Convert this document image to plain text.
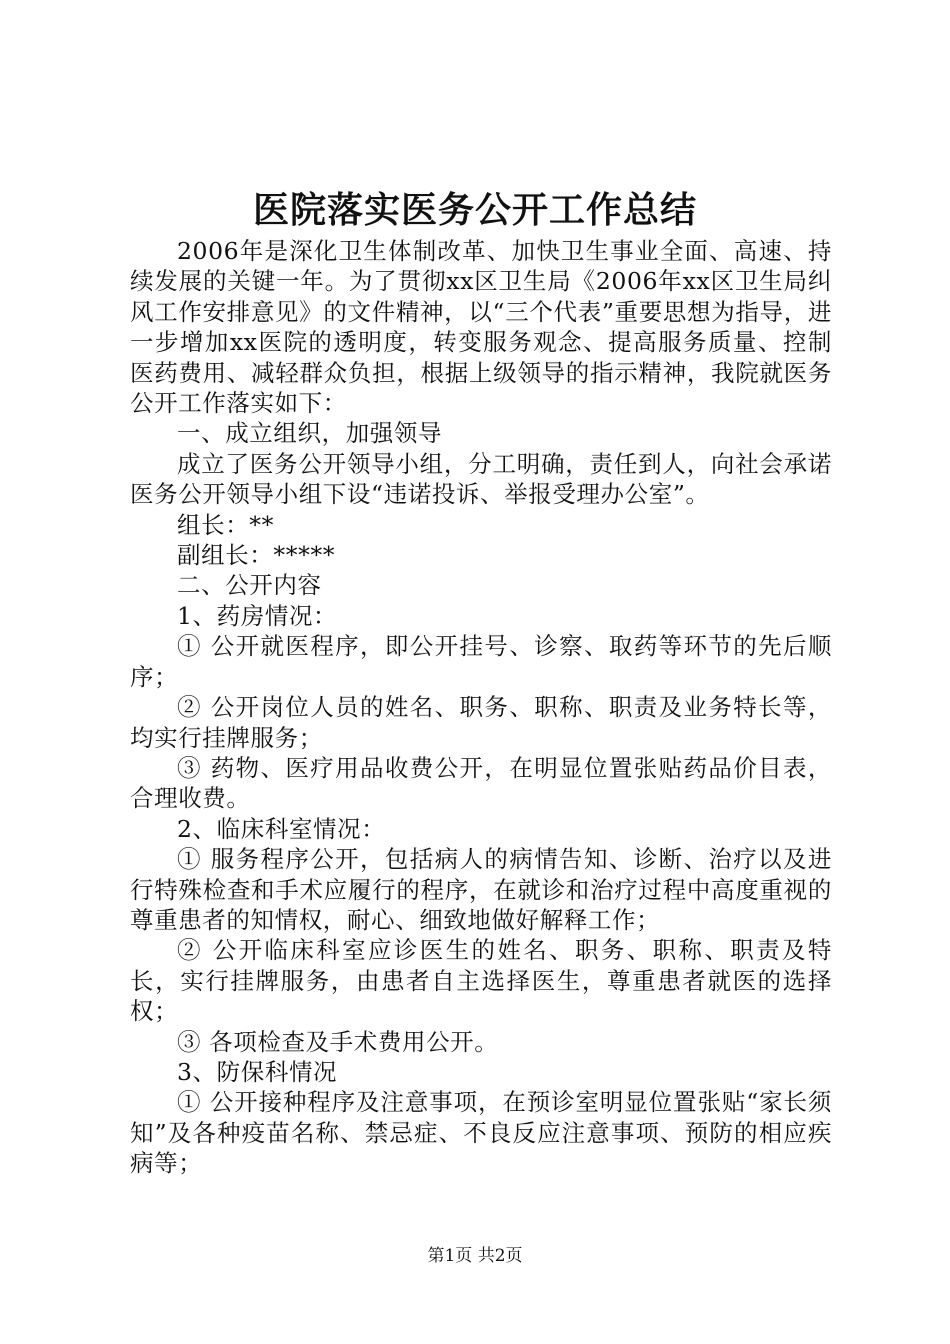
医院落实医务公开工作总结

2006年是深化卫生体制改革、加快卫生事业全面、高速、持续发展的关键一年。为了贯彻xx区卫生局《2006年xx区卫生局纠风工作安排意见》的文件精神，以“三个代表”重要思想为指导，进一步增加xx医院的透明度，转变服务观念、提高服务质量、控制医药费用、减轻群众负担，根据上级领导的指示精神，我院就医务公开工作落实如下：

一、成立组织，加强领导

成立了医务公开领导小组，分工明确，责任到人，向社会承诺医务公开领导小组下设“违诺投诉、举报受理办公室”。

组长：**

副组长：*****

二、公开内容

1、药房情况：

① 公开就医程序，即公开挂号、诊察、取药等环节的先后顺序；

② 公开岗位人员的姓名、职务、职称、职责及业务特长等，均实行挂牌服务；

③ 药物、医疗用品收费公开，在明显位置张贴药品价目表，合理收费。

2、临床科室情况：

① 服务程序公开，包括病人的病情告知、诊断、治疗以及进行特殊检查和手术应履行的程序，在就诊和治疗过程中高度重视的尊重患者的知情权，耐心、细致地做好解释工作；

② 公开临床科室应诊医生的姓名、职务、职称、职责及特长，实行挂牌服务，由患者自主选择医生，尊重患者就医的选择权；

③ 各项检查及手术费用公开。

3、防保科情况

① 公开接种程序及注意事项，在预诊室明显位置张贴“家长须知”及各种疫苗名称、禁忌症、不良反应注意事项、预防的相应疾病等；

第1页 共2页
